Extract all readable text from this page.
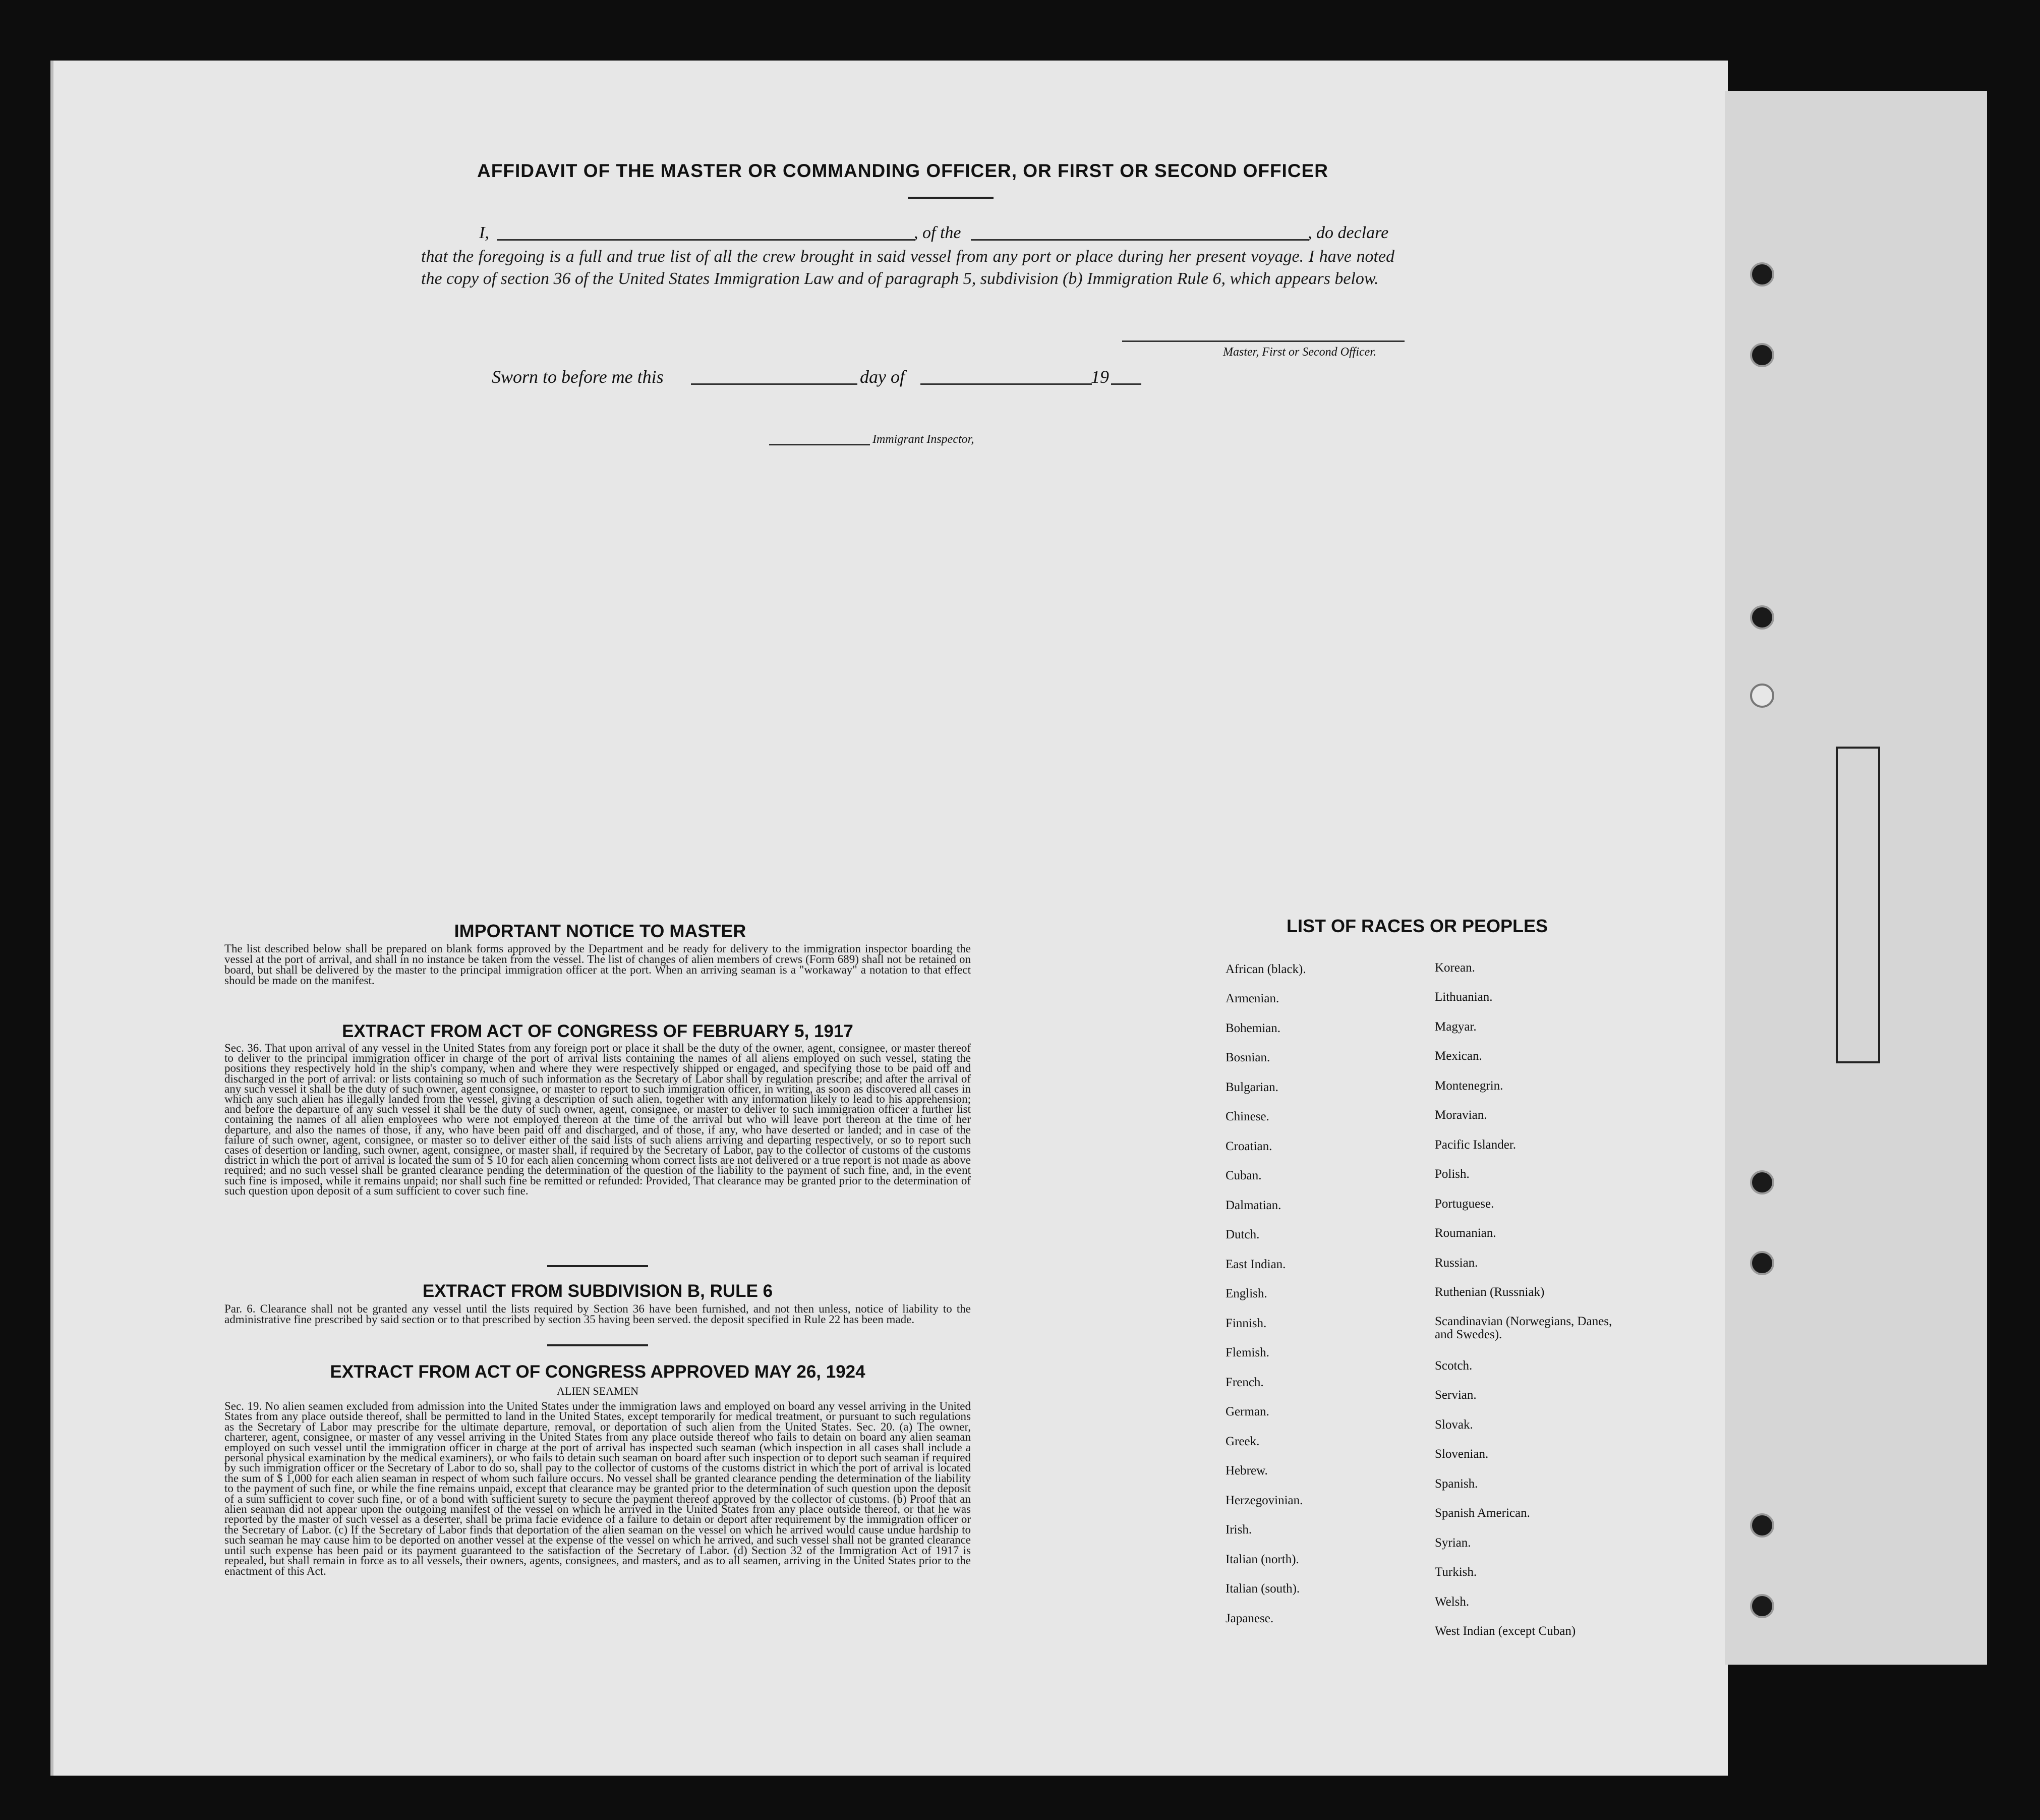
AFFIDAVIT OF THE MASTER OR COMMANDING OFFICER, OR FIRST OR SECOND OFFICER
I,	, of the	, do declare

that the foregoing is a full and true list of all the crew brought in said vessel from any port or place during her present voyage. I have noted the copy of section 36 of the United States Immigration Law and of paragraph 5, subdivision (b) Immigration Rule 6, which appears below.

Master, First or Second Officer.
Sworn to before me this	day of	19
Immigrant Inspector,
IMPORTANT NOTICE TO MASTER

The list described below shall be prepared on blank forms approved by the Department and be ready for delivery to the immigration inspector boarding the vessel at the port of arrival, and shall in no instance be taken from the vessel. The list of changes of alien members of crews (Form 689) shall not be retained on board, but shall be delivered by the master to the principal immigration officer at the port. When an arriving seaman is a "workaway" a notation to that effect should be made on the manifest.

EXTRACT FROM ACT OF CONGRESS OF FEBRUARY 5, 1917

Sec. 36. That upon arrival of any vessel in the United States from any foreign port or place it shall be the duty of the owner, agent, consignee, or master thereof to deliver to the principal immigration officer in charge of the port of arrival lists containing the names of all aliens employed on such vessel, stating the positions they respectively hold in the ship's company, when and where they were respectively shipped or engaged, and specifying those to be paid off and discharged in the port of arrival: or lists containing so much of such information as the Secretary of Labor shall by regulation prescribe; and after the arrival of any such vessel it shall be the duty of such owner, agent consignee, or master to report to such immigration officer, in writing, as soon as discovered all cases in which any such alien has illegally landed from the vessel, giving a description of such alien, together with any information likely to lead to his apprehension; and before the departure of any such vessel it shall be the duty of such owner, agent, consignee, or master to deliver to such immigration officer a further list containing the names of all alien employees who were not employed thereon at the time of the arrival but who will leave port thereon at the time of her departure, and also the names of those, if any, who have been paid off and discharged, and of those, if any, who have deserted or landed; and in case of the failure of such owner, agent, consignee, or master so to deliver either of the said lists of such aliens arriving and departing respectively, or so to report such cases of desertion or landing, such owner, agent, consignee, or master shall, if required by the Secretary of Labor, pay to the collector of customs of the customs district in which the port of arrival is located the sum of $ 10 for each alien concerning whom correct lists are not delivered or a true report is not made as above required; and no such vessel shall be granted clearance pending the determination of the question of the liability to the payment of such fine, and, in the event such fine is imposed, while it remains unpaid; nor shall such fine be remitted or refunded: Provided, That clearance may be granted prior to the determination of such question upon deposit of a sum sufficient to cover such fine.

EXTRACT FROM SUBDIVISION B, RULE 6

Par. 6. Clearance shall not be granted any vessel until the lists required by Section 36 have been furnished, and not then unless, notice of liability to the administrative fine prescribed by said section or to that prescribed by section 35 having been served. the deposit specified in Rule 22 has been made.

EXTRACT FROM ACT OF CONGRESS APPROVED MAY 26, 1924
ALIEN SEAMEN

Sec. 19. No alien seamen excluded from admission into the United States under the immigration laws and employed on board any vessel arriving in the United States from any place outside thereof, shall be permitted to land in the United States, except temporarily for medical treatment, or pursuant to such regulations as the Secretary of Labor may prescribe for the ultimate departure, removal, or deportation of such alien from the United States. Sec. 20. (a) The owner, charterer, agent, consignee, or master of any vessel arriving in the United States from any place outside thereof who fails to detain on board any alien seaman employed on such vessel until the immigration officer in charge at the port of arrival has inspected such seaman (which inspection in all cases shall include a personal physical examination by the medical examiners), or who fails to detain such seaman on board after such inspection or to deport such seaman if required by such immigration officer or the Secretary of Labor to do so, shall pay to the collector of customs of the customs district in which the port of arrival is located the sum of $ 1,000 for each alien seaman in respect of whom such failure occurs. No vessel shall be granted clearance pending the determination of the liability to the payment of such fine, or while the fine remains unpaid, except that clearance may be granted prior to the determination of such question upon the deposit of a sum sufficient to cover such fine, or of a bond with sufficient surety to secure the payment thereof approved by the collector of customs. (b) Proof that an alien seaman did not appear upon the outgoing manifest of the vessel on which he arrived in the United States from any place outside thereof, or that he was reported by the master of such vessel as a deserter, shall be prima facie evidence of a failure to detain or deport after requirement by the immigration officer or the Secretary of Labor. (c) If the Secretary of Labor finds that deportation of the alien seaman on the vessel on which he arrived would cause undue hardship to such seaman he may cause him to be deported on another vessel at the expense of the vessel on which he arrived, and such vessel shall not be granted clearance until such expense has been paid or its payment guaranteed to the satisfaction of the Secretary of Labor. (d) Section 32 of the Immigration Act of 1917 is repealed, but shall remain in force as to all vessels, their owners, agents, consignees, and masters, and as to all seamen, arriving in the United States prior to the enactment of this Act.

LIST OF RACES OR PEOPLES
African (black).
Armenian.
Bohemian.
Bosnian.
Bulgarian.
Chinese.
Croatian.
Cuban.
Dalmatian.
Dutch.
East Indian.
English.
Finnish.
Flemish.
French.
German.
Greek.
Hebrew.
Herzegovinian.
Irish.
Italian (north).
Italian (south).
Japanese.
Korean.
Lithuanian.
Magyar.
Mexican.
Montenegrin.
Moravian.
Pacific Islander.
Polish.
Portuguese.
Roumanian.
Russian.
Ruthenian (Russniak)
Scandinavian (Norwegians, Danes, and Swedes).
Scotch.
Servian.
Slovak.
Slovenian.
Spanish.
Spanish American.
Syrian.
Turkish.
Welsh.
West Indian (except Cuban)
